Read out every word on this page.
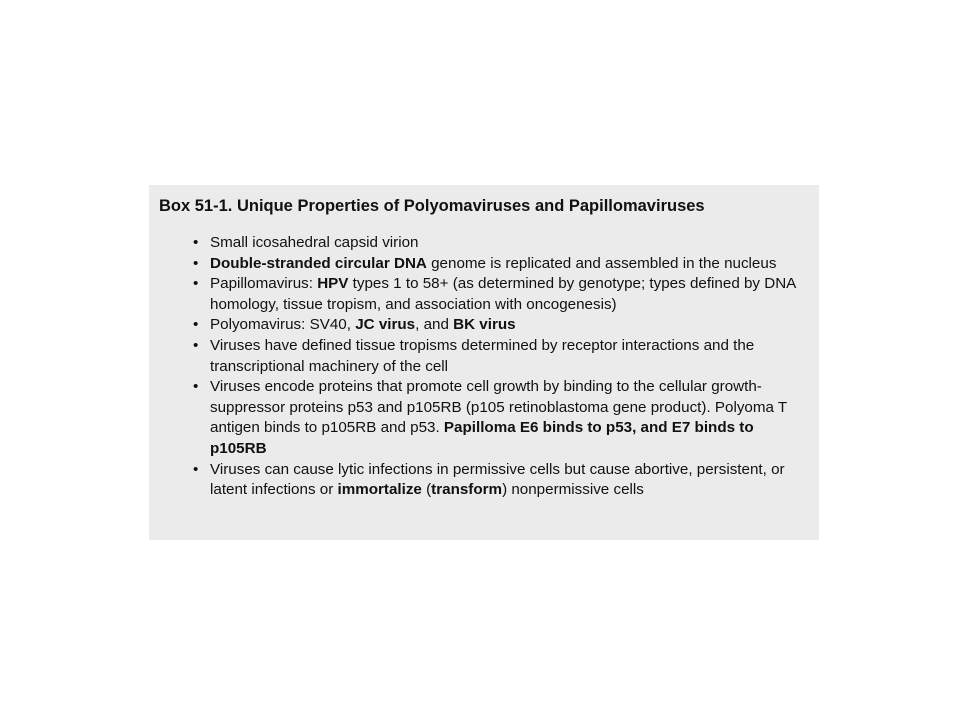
Box 51-1. Unique Properties of Polyomaviruses and Papillomaviruses
• Small icosahedral capsid virion
• Double-stranded circular DNA genome is replicated and assembled in the nucleus
• Papillomavirus: HPV types 1 to 58+ (as determined by genotype; types defined by DNA homology, tissue tropism, and association with oncogenesis)
• Polyomavirus: SV40, JC virus, and BK virus
• Viruses have defined tissue tropisms determined by receptor interactions and the transcriptional machinery of the cell
• Viruses encode proteins that promote cell growth by binding to the cellular growth-suppressor proteins p53 and p105RB (p105 retinoblastoma gene product). Polyoma T antigen binds to p105RB and p53. Papilloma E6 binds to p53, and E7 binds to p105RB
• Viruses can cause lytic infections in permissive cells but cause abortive, persistent, or latent infections or immortalize (transform) nonpermissive cells
